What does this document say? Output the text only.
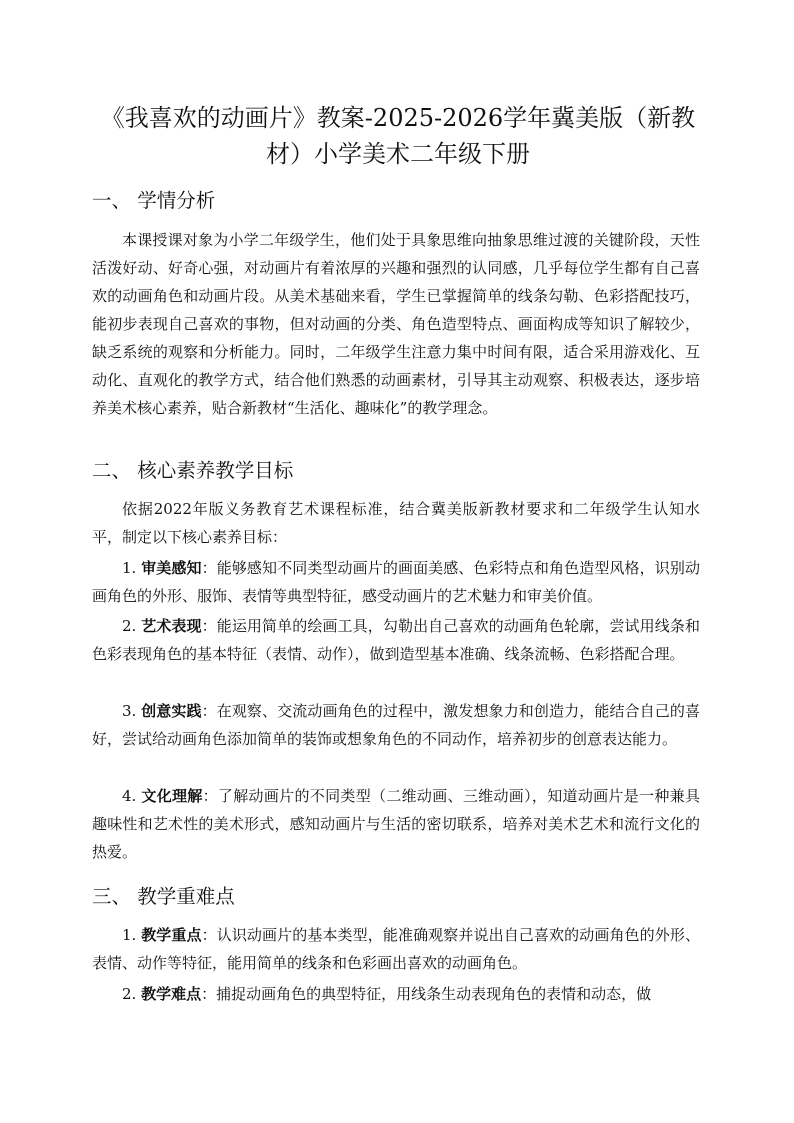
《我喜欢的动画片》教案-2025-2026学年冀美版（新教材）小学美术二年级下册
一、 学情分析

本课授课对象为小学二年级学生，他们处于具象思维向抽象思维过渡的关键阶段，天性活泼好动、好奇心强，对动画片有着浓厚的兴趣和强烈的认同感，几乎每位学生都有自己喜欢的动画角色和动画片段。从美术基础来看，学生已掌握简单的线条勾勒、色彩搭配技巧，能初步表现自己喜欢的事物，但对动画的分类、角色造型特点、画面构成等知识了解较少，缺乏系统的观察和分析能力。同时，二年级学生注意力集中时间有限，适合采用游戏化、互动化、直观化的教学方式，结合他们熟悉的动画素材，引导其主动观察、积极表达，逐步培养美术核心素养，贴合新教材“生活化、趣味化”的教学理念。

二、 核心素养教学目标

依据2022年版义务教育艺术课程标准，结合冀美版新教材要求和二年级学生认知水平，制定以下核心素养目标：

1. 审美感知：能够感知不同类型动画片的画面美感、色彩特点和角色造型风格，识别动画角色的外形、服饰、表情等典型特征，感受动画片的艺术魅力和审美价值。

2. 艺术表现：能运用简单的绘画工具，勾勒出自己喜欢的动画角色轮廓，尝试用线条和色彩表现角色的基本特征（表情、动作），做到造型基本准确、线条流畅、色彩搭配合理。

3. 创意实践：在观察、交流动画角色的过程中，激发想象力和创造力，能结合自己的喜好，尝试给动画角色添加简单的装饰或想象角色的不同动作，培养初步的创意表达能力。

4. 文化理解：了解动画片的不同类型（二维动画、三维动画），知道动画片是一种兼具趣味性和艺术性的美术形式，感知动画片与生活的密切联系，培养对美术艺术和流行文化的热爱。

三、 教学重难点

1. 教学重点：认识动画片的基本类型，能准确观察并说出自己喜欢的动画角色的外形、表情、动作等特征，能用简单的线条和色彩画出喜欢的动画角色。

2. 教学难点：捕捉动画角色的典型特征，用线条生动表现角色的表情和动态，做
